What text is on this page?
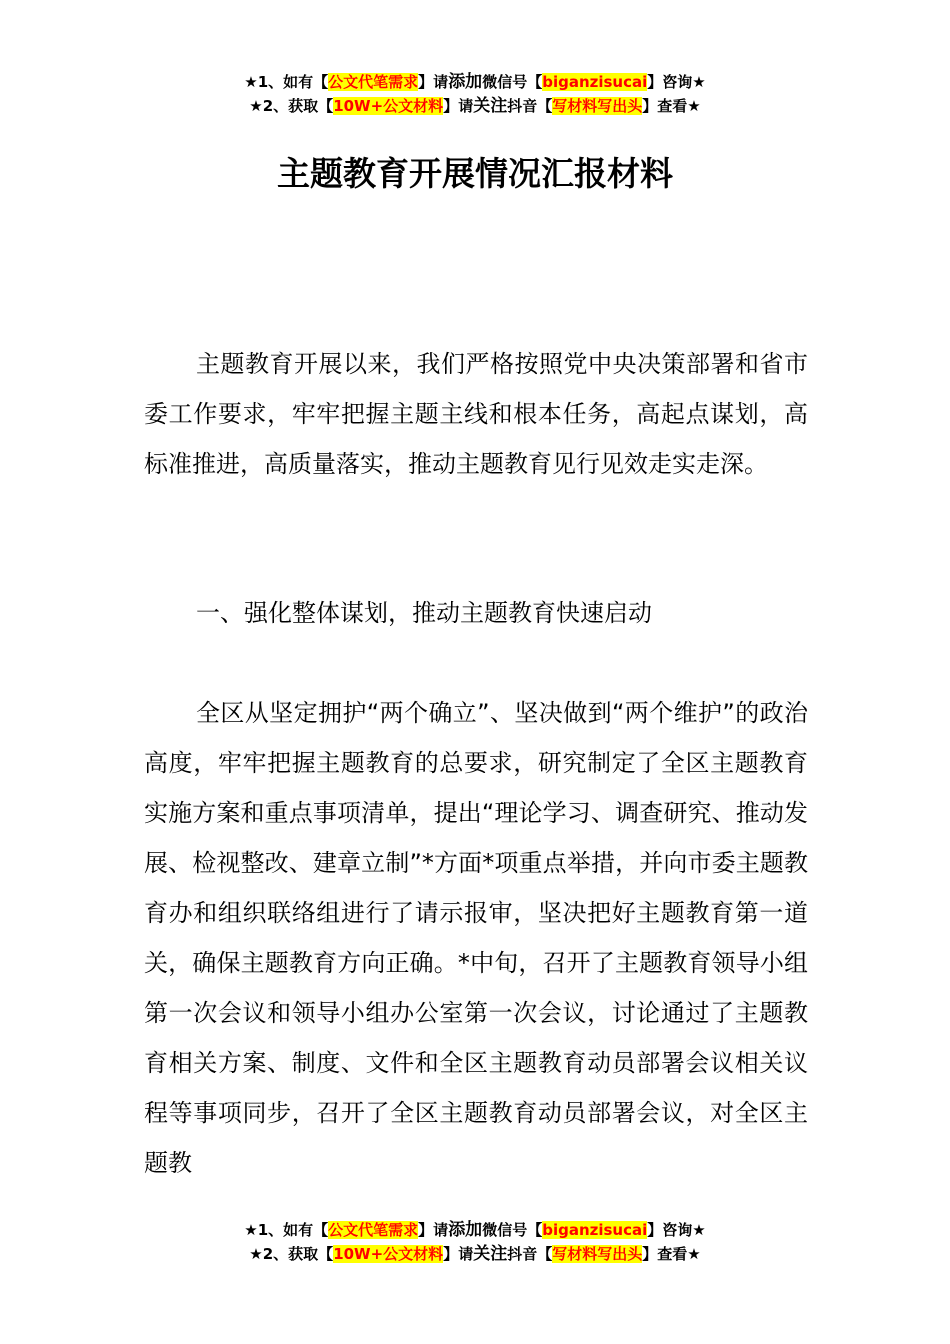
★1、如有【公文代笔需求】请添加微信号【biganzisucai】咨询★
★2、获取【10W+公文材料】请关注抖音【写材料写出头】查看★
主题教育开展情况汇报材料

主题教育开展以来，我们严格按照党中央决策部署和省市委工作要求，牢牢把握主题主线和根本任务，高起点谋划，高标准推进，高质量落实，推动主题教育见行见效走实走深。

一、强化整体谋划，推动主题教育快速启动

全区从坚定拥护“两个确立”、坚决做到“两个维护”的政治高度，牢牢把握主题教育的总要求，研究制定了全区主题教育实施方案和重点事项清单，提出“理论学习、调查研究、推动发展、检视整改、建章立制”*方面*项重点举措，并向市委主题教育办和组织联络组进行了请示报审，坚决把好主题教育第一道关，确保主题教育方向正确。*中旬，召开了主题教育领导小组第一次会议和领导小组办公室第一次会议，讨论通过了主题教育相关方案、制度、文件和全区主题教育动员部署会议相关议程等事项同步，召开了全区主题教育动员部署会议，对全区主题教

★1、如有【公文代笔需求】请添加微信号【biganzisucai】咨询★
★2、获取【10W+公文材料】请关注抖音【写材料写出头】查看★
